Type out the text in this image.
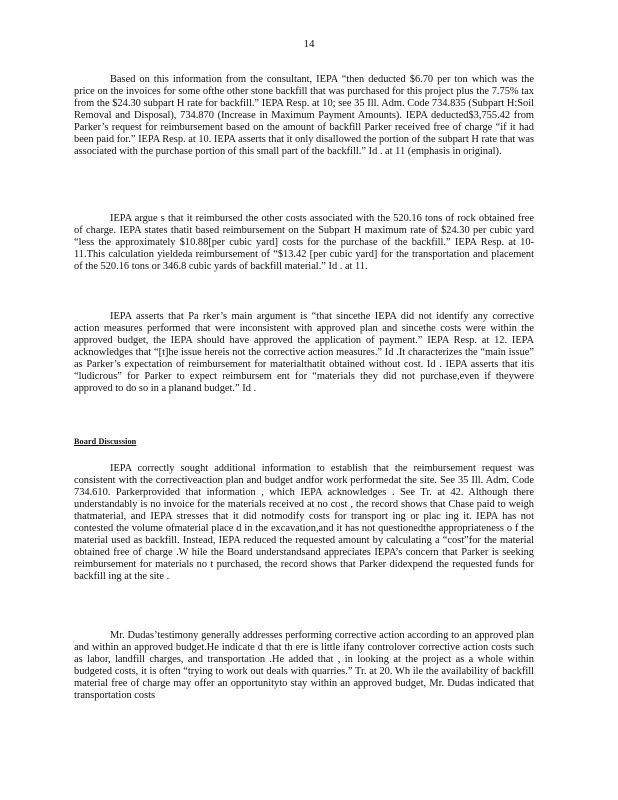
14

Based on this information from the consultant, IEPA “then deducted $6.70 per ton which was the price on the invoices for some ofthe other stone backfill that was purchased for this project plus the 7.75% tax from the $24.30 subpart H rate for backfill.” IEPA Resp. at 10; see 35 Ill. Adm. Code 734.835 (Subpart H:Soil Removal and Disposal), 734.870 (Increase in Maximum Payment Amounts). IEPA deducted$3,755.42 from Parker’s request for reimbursement based on the amount of backfill Parker received free of charge “if it had been paid for.” IEPA Resp. at 10. IEPA asserts that it only disallowed the portion of the subpart H rate that was associated with the purchase portion of this small part of the backfill.” Id . at 11 (emphasis in original).

IEPA argue s that it reimbursed the other costs associated with the 520.16 tons of rock obtained free of charge. IEPA states thatit based reimbursement on the Subpart H maximum rate of $24.30 per cubic yard “less the approximately $10.88[per cubic yard] costs for the purchase of the backfill.” IEPA Resp. at 10-11.This calculation yieldeda reimbursement of “$13.42 [per cubic yard] for the transportation and placement of the 520.16 tons or 346.8 cubic yards of backfill material.” Id . at 11.

IEPA asserts that Pa rker’s main argument is “that sincethe IEPA did not identify any corrective action measures performed that were inconsistent with approved plan and sincethe costs were within the approved budget, the IEPA should have approved the application of payment.” IEPA Resp. at 12. IEPA acknowledges that “[t]he issue hereis not the corrective action measures.” Id .It characterizes the “main issue” as Parker’s expectation of reimbursement for materialthatit obtained without cost. Id . IEPA asserts that itis “ludicrous” for Parker to expect reimbursem ent for “materials they did not purchase,even if theywere approved to do so in a planand budget.” Id .

Board Discussion

IEPA correctly sought additional information to establish that the reimbursement request was consistent with the correctiveaction plan and budget andfor work performedat the site. See 35 Ill. Adm. Code 734.610. Parkerprovided that information , which IEPA acknowledges . See Tr. at 42. Although there understandably is no invoice for the materials received at no cost , the record shows that Chase paid to weigh thatmaterial, and IEPA stresses that it did notmodify costs for transport ing or plac ing it. IEPA has not contested the volume ofmaterial place d in the excavation,and it has not questionedthe appropriateness o f the material used as backfill. Instead, IEPA reduced the requested amount by calculating a “cost”for the material obtained free of charge .W hile the Board understandsand appreciates IEPA’s concern that Parker is seeking reimbursement for materials no t purchased, the record shows that Parker didexpend the requested funds for backfill ing at the site .

Mr. Dudas’testimony generally addresses performing corrective action according to an approved plan and within an approved budget.He indicate d that th ere is little ifany controlover corrective action costs such as labor, landfill charges, and transportation .He added that , in looking at the project as a whole within budgeted costs, it is often “trying to work out deals with quarries.” Tr. at 20. Wh ile the availability of backfill material free of charge may offer an opportunityto stay within an approved budget, Mr. Dudas indicated that transportation costs
